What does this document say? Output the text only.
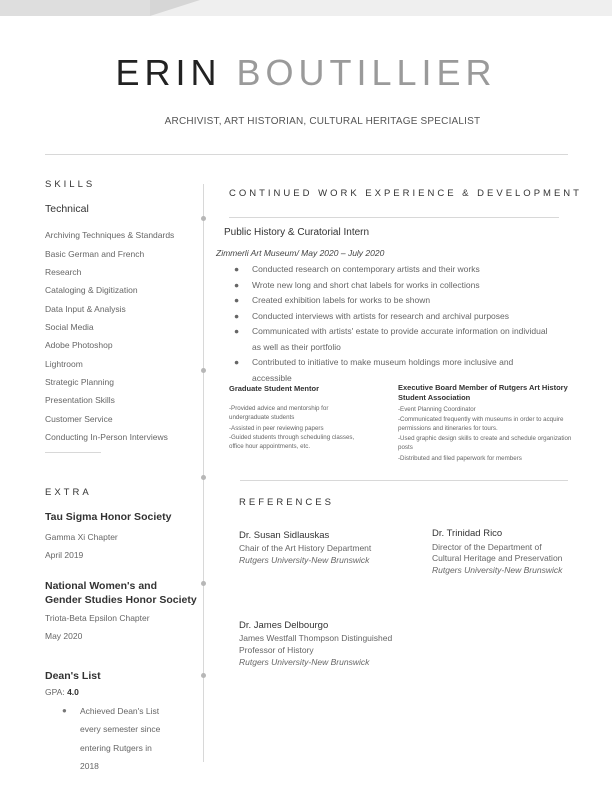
ERIN BOUTILLIER
ARCHIVIST, ART HISTORIAN, CULTURAL HERITAGE SPECIALIST
SKILLS
Technical
Archiving Techniques & Standards
Basic German and French
Research
Cataloging & Digitization
Data Input & Analysis
Social Media
Adobe Photoshop
Lightroom
Strategic Planning
Presentation Skills
Customer Service
Conducting In-Person Interviews
EXTRA
Tau Sigma Honor Society
Gamma Xi Chapter
April 2019
National Women's and
Gender Studies Honor Society
Triota-Beta Epsilon Chapter
May 2020
Dean's List
GPA: 4.0
● Achieved Dean's List
every semester since
entering Rutgers in
2018
CONTINUED WORK EXPERIENCE & DEVELOPMENT
Public History & Curatorial Intern
Zimmerli Art Museum/ May 2020 – July 2020
● Conducted research on contemporary artists and their works
● Wrote new long and short chat labels for works in collections
● Created exhibition labels for works to be shown
● Conducted interviews with artists for research and archival purposes
● Communicated with artists' estate to provide accurate information on individual as well as their portfolio
● Contributed to initiative to make museum holdings more inclusive and accessible
Graduate Student Mentor
-Provided advice and mentorship for
undergraduate students
-Assisted in peer reviewing papers
-Guided students through scheduling classes,
office hour appointments, etc.
Executive Board Member of Rutgers Art History
Student Association
-Event Planning Coordinator
-Communicated frequently with museums in order to acquire
permissions and itineraries for tours.
-Used graphic design skills to create and schedule organization
posts
-Distributed and filed paperwork for members
REFERENCES
Dr. Susan Sidlauskas
Chair of the Art History Department
Rutgers University-New Brunswick
Dr. Trinidad Rico
Director of the Department of
Cultural Heritage and Preservation
Rutgers University-New Brunswick
Dr. James Delbourgo
James Westfall Thompson Distinguished
Professor of History
Rutgers University-New Brunswick
